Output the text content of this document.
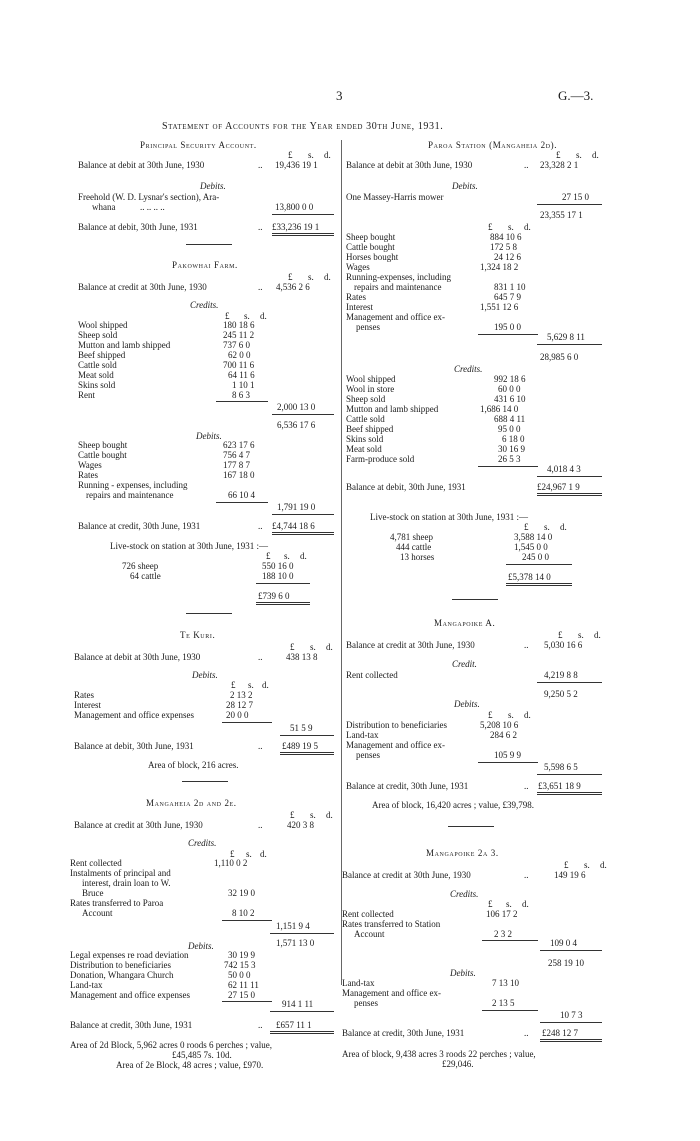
3	G.—3.
Statement of Accounts for the Year ended 30th June, 1931.
Principal Security Account.
£ s. d.
Balance at debit at 30th June, 1930	.. 19,436 19 1
Debits.
Freehold (W. D. Lysnar's section), Ara-
whana	.. .. .. ..	13,800 0 0
Balance at debit, 30th June, 1931	.. £33,236 19 1
Pakowhai Farm.
£ s. d.
Balance at credit at 30th June, 1930	.. 4,536 2 6
Credits.
£ s. d.
Wool shipped	180 18 6
Sheep sold	245 11 2
Mutton and lamb shipped	737 6 0
Beef shipped	62 0 0
Cattle sold	700 11 6
Meat sold	64 11 6
Skins sold	1 10 1
Rent	8 6 3
2,000 13 0
6,536 17 6
Debits.
Sheep bought	623 17 6
Cattle bought	756 4 7
Wages	177 8 7
Rates	167 18 0
Running - expenses, including
repairs and maintenance	66 10 4
1,791 19 0
Balance at credit, 30th June, 1931	.. £4,744 18 6
Live-stock on station at 30th June, 1931 :—
£ s. d.
726 sheep	550 16 0
64 cattle	188 10 0
£739 6 0
Te Kuri.
£ s. d.
Balance at debit at 30th June, 1930	..	438 13 8
Debits.
£ s. d.
Rates	2 13 2
Interest	28 12 7
Management and office expenses	20 0 0
51 5 9
Balance at debit, 30th June, 1931	.. £489 19 5
Area of block, 216 acres.
Mangaheia 2d and 2e.
£ s. d.
Balance at credit at 30th June, 1930	..	420 3 8
Credits.
£ s. d.
Rent collected	1,110 0 2
Instalments of principal and
interest, drain loan to W.
Bruce	32 19 0
Rates transferred to Paroa
Account	8 10 2
1,151 9 4
1,571 13 0
Debits.
Legal expenses re road deviation	30 19 9
Distribution to beneficiaries	742 15 3
Donation, Whangara Church	50 0 0
Land-tax	62 11 11
Management and office expenses	27 15 0
914 1 11
Balance at credit, 30th June, 1931	.. £657 11 1
Area of 2d Block, 5,962 acres 0 roods 6 perches ; value,
£45,485 7s. 10d.
Area of 2e Block, 48 acres ; value, £970.
Paroa Station (Mangaheia 2d).
£ s. d.
Balance at debit at 30th June, 1930	.. 23,328 2 1
Debits.
One Massey-Harris mower	27 15 0
23,355 17 1
£ s. d.
Sheep bought	884 10 6
Cattle bought	172 5 8
Horses bought	24 12 6
Wages	1,324 18 2
Running-expenses, including
repairs and maintenance	831 1 10
Rates	645 7 9
Interest	1,551 12 6
Management and office ex-
penses	195 0 0
5,629 8 11
28,985 6 0
Credits.
Wool shipped	992 18 6
Wool in store	60 0 0
Sheep sold	431 6 10
Mutton and lamb shipped	1,686 14 0
Cattle sold	688 4 11
Beef shipped	95 0 0
Skins sold	6 18 0
Meat sold	30 16 9
Farm-produce sold	26 5 3
4,018 4 3
Balance at debit, 30th June, 1931	£24,967 1 9
Live-stock on station at 30th June, 1931 :—
£ s. d.
4,781 sheep	3,588 14 0
444 cattle	1,545 0 0
13 horses	245 0 0
£5,378 14 0
Mangapoike A.
£ s. d.
Balance at credit at 30th June, 1930	.. 5,030 16 6
Credit.
Rent collected	4,219 8 8
9,250 5 2
Debits.
£ s. d.
Distribution to beneficiaries	5,208 10 6
Land-tax	284 6 2
Management and office ex-
penses	105 9 9
5,598 6 5
Balance at credit, 30th June, 1931	.. £3,651 18 9
Area of block, 16,420 acres ; value, £39,798.
Mangapoike 2a 3.
£ s. d.
Balance at credit at 30th June, 1930	..	149 19 6
Credits.
£ s. d.
Rent collected	106 17 2
Rates transferred to Station
Account	2 3 2
109 0 4
258 19 10
Debits.
Land-tax	7 13 10
Management and office ex-
penses	2 13 5
10 7 3
Balance at credit, 30th June, 1931	.. £248 12 7
Area of block, 9,438 acres 3 roods 22 perches ; value,
£29,046.
